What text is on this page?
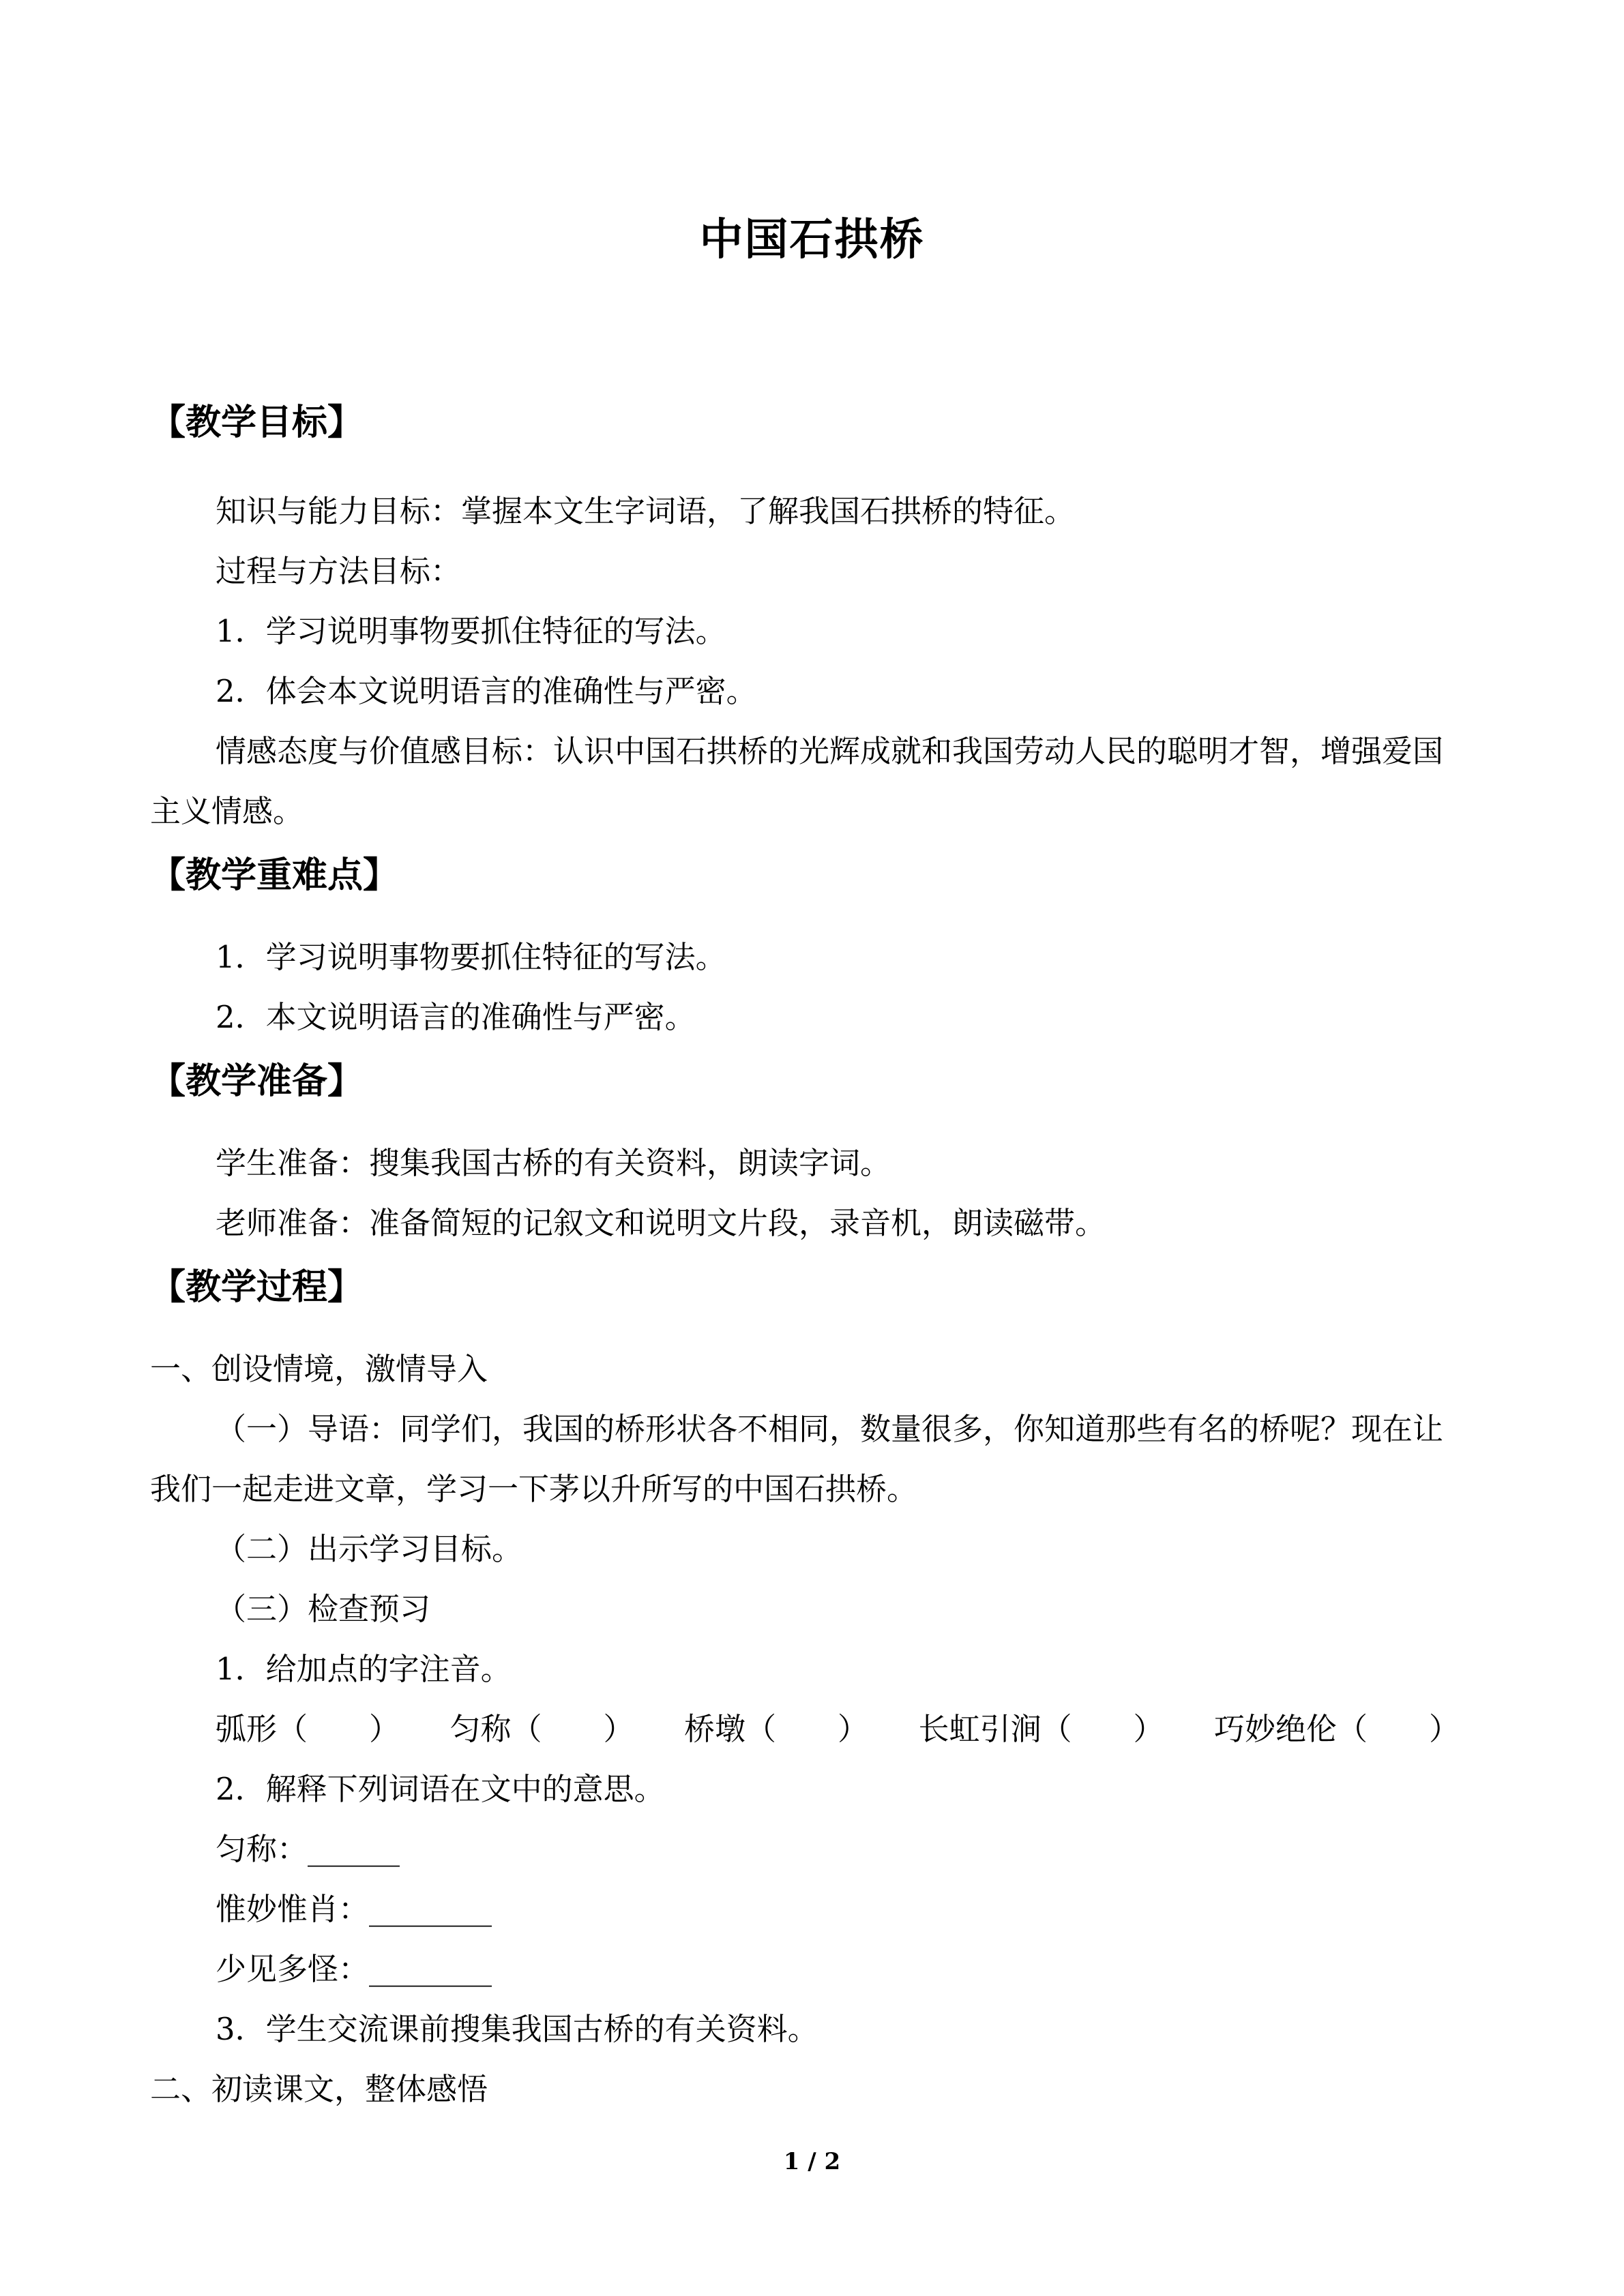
中国石拱桥
【教学目标】

知识与能力目标：掌握本文生字词语，了解我国石拱桥的特征。

过程与方法目标：

1．学习说明事物要抓住特征的写法。

2．体会本文说明语言的准确性与严密。

情感态度与价值感目标：认识中国石拱桥的光辉成就和我国劳动人民的聪明才智，增强爱国主义情感。

【教学重难点】

1．学习说明事物要抓住特征的写法。

2．本文说明语言的准确性与严密。

【教学准备】

学生准备：搜集我国古桥的有关资料，朗读字词。

老师准备：准备简短的记叙文和说明文片段，录音机，朗读磁带。

【教学过程】

一、创设情境，激情导入

（一）导语：同学们，我国的桥形状各不相同，数量很多，你知道那些有名的桥呢？现在让我们一起走进文章，学习一下茅以升所写的中国石拱桥。

（二）出示学习目标。

（三）检查预习

1．给加点的字注音。

弧形（　　） 匀称（　　） 桥墩（　　） 长虹引涧（　　） 巧妙绝伦（　　）

2．解释下列词语在文中的意思。

匀称：______

惟妙惟肖：________

少见多怪：________

3．学生交流课前搜集我国古桥的有关资料。

二、初读课文，整体感悟

1 / 2
